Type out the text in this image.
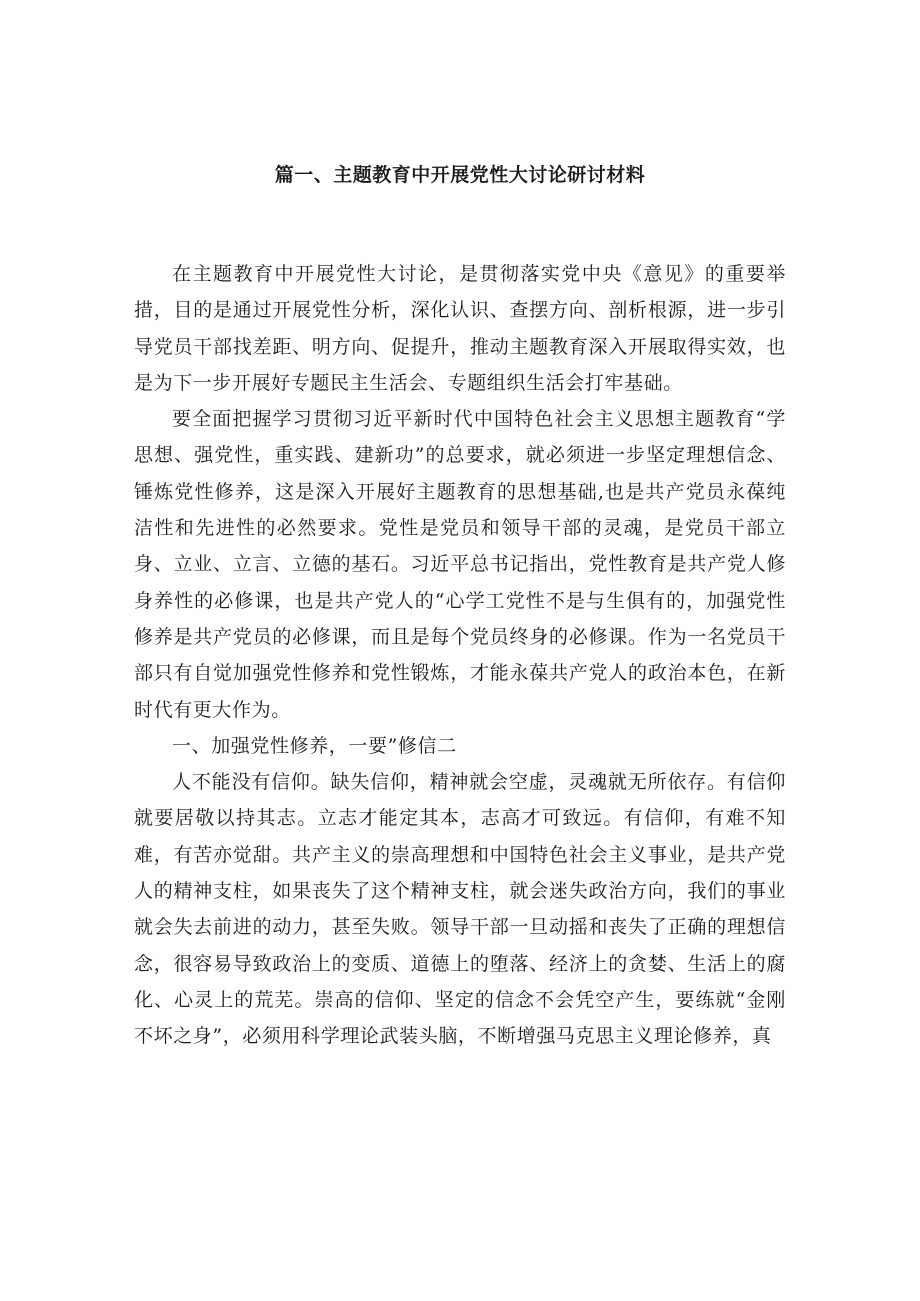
篇一、主题教育中开展党性大讨论研讨材料

在主题教育中开展党性大讨论，是贯彻落实党中央《意见》的重要举措，目的是通过开展党性分析，深化认识、查摆方向、剖析根源，进一步引导党员干部找差距、明方向、促提升，推动主题教育深入开展取得实效，也是为下一步开展好专题民主生活会、专题组织生活会打牢基础。

要全面把握学习贯彻习近平新时代中国特色社会主义思想主题教育“学思想、强党性，重实践、建新功”的总要求，就必须进一步坚定理想信念、锤炼党性修养，这是深入开展好主题教育的思想基础,也是共产党员永葆纯洁性和先进性的必然要求。党性是党员和领导干部的灵魂，是党员干部立身、立业、立言、立德的基石。习近平总书记指出，党性教育是共产党人修身养性的必修课，也是共产党人的“心学工党性不是与生俱有的，加强党性修养是共产党员的必修课，而且是每个党员终身的必修课。作为一名党员干部只有自觉加强党性修养和党性锻炼，才能永葆共产党人的政治本色，在新时代有更大作为。

一、加强党性修养，一要”修信二

人不能没有信仰。缺失信仰，精神就会空虚，灵魂就无所依存。有信仰就要居敬以持其志。立志才能定其本，志高才可致远。有信仰，有难不知难，有苦亦觉甜。共产主义的崇高理想和中国特色社会主义事业，是共产党人的精神支柱，如果丧失了这个精神支柱，就会迷失政治方向，我们的事业就会失去前进的动力，甚至失败。领导干部一旦动摇和丧失了正确的理想信念，很容易导致政治上的变质、道德上的堕落、经济上的贪婪、生活上的腐化、心灵上的荒芜。崇高的信仰、坚定的信念不会凭空产生，要练就“金刚不坏之身”，必须用科学理论武装头脑，不断增强马克思主义理论修养，真
